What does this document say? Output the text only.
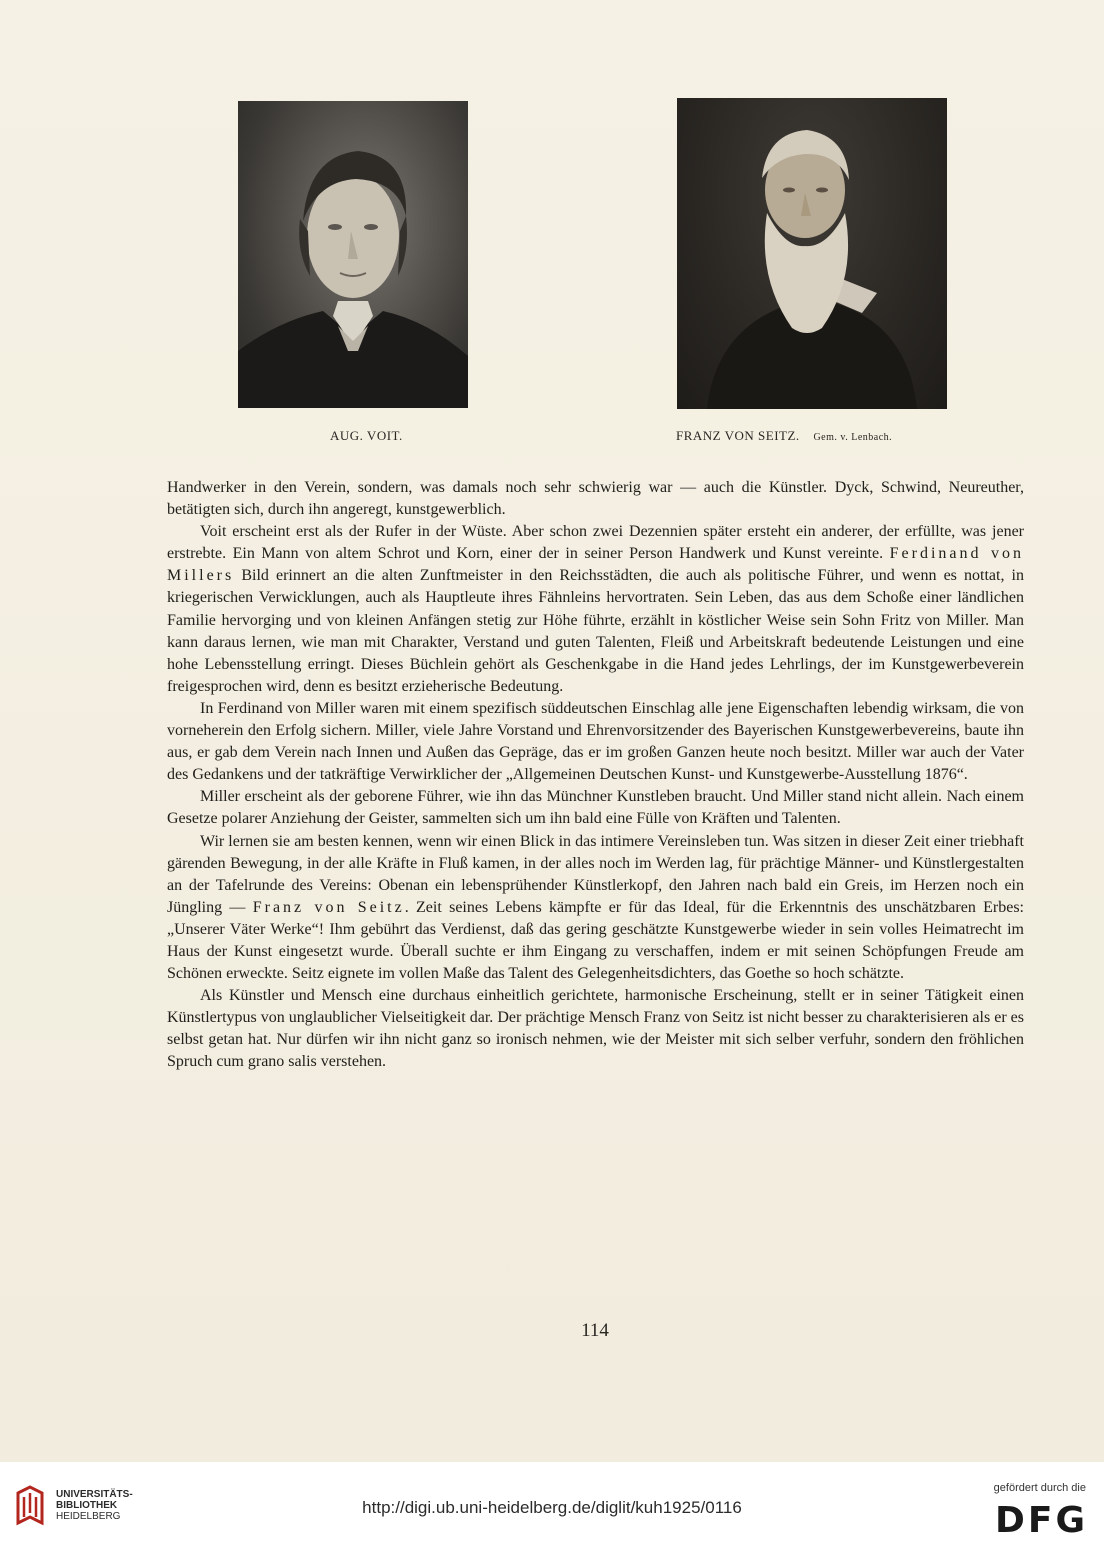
AUG. VOIT.	FRANZ VON SEITZ. Gem. v. Lenbach.

Handwerker in den Verein, sondern, was damals noch sehr schwierig war — auch die Künstler. Dyck, Schwind, Neureuther, betätigten sich, durch ihn angeregt, kunstgewerblich.

Voit erscheint erst als der Rufer in der Wüste. Aber schon zwei Dezennien später ersteht ein anderer, der erfüllte, was jener erstrebte. Ein Mann von altem Schrot und Korn, einer der in seiner Person Handwerk und Kunst vereinte. Ferdinand von Millers Bild erinnert an die alten Zunftmeister in den Reichsstädten, die auch als politische Führer, und wenn es nottat, in kriegerischen Verwicklungen, auch als Hauptleute ihres Fähnleins hervortraten. Sein Leben, das aus dem Schoße einer ländlichen Familie hervorging und von kleinen Anfängen stetig zur Höhe führte, erzählt in köstlicher Weise sein Sohn Fritz von Miller. Man kann daraus lernen, wie man mit Charakter, Verstand und guten Talenten, Fleiß und Arbeitskraft bedeutende Leistungen und eine hohe Lebensstellung erringt. Dieses Büchlein gehört als Geschenkgabe in die Hand jedes Lehrlings, der im Kunstgewerbeverein freigesprochen wird, denn es besitzt erzieherische Bedeutung.

In Ferdinand von Miller waren mit einem spezifisch süddeutschen Einschlag alle jene Eigenschaften lebendig wirksam, die von vorneherein den Erfolg sichern. Miller, viele Jahre Vorstand und Ehrenvorsitzender des Bayerischen Kunstgewerbevereins, baute ihn aus, er gab dem Verein nach Innen und Außen das Gepräge, das er im großen Ganzen heute noch besitzt. Miller war auch der Vater des Gedankens und der tatkräftige Verwirklicher der „Allgemeinen Deutschen Kunst- und Kunstgewerbe-Ausstellung 1876“.

Miller erscheint als der geborene Führer, wie ihn das Münchner Kunstleben braucht. Und Miller stand nicht allein. Nach einem Gesetze polarer Anziehung der Geister, sammelten sich um ihn bald eine Fülle von Kräften und Talenten.

Wir lernen sie am besten kennen, wenn wir einen Blick in das intimere Vereinsleben tun. Was sitzen in dieser Zeit einer triebhaft gärenden Bewegung, in der alle Kräfte in Fluß kamen, in der alles noch im Werden lag, für prächtige Männer- und Künstlergestalten an der Tafelrunde des Vereins: Obenan ein lebensprühender Künstlerkopf, den Jahren nach bald ein Greis, im Herzen noch ein Jüngling — Franz von Seitz. Zeit seines Lebens kämpfte er für das Ideal, für die Erkenntnis des unschätzbaren Erbes: „Unserer Väter Werke“! Ihm gebührt das Verdienst, daß das gering geschätzte Kunstgewerbe wieder in sein volles Heimatrecht im Haus der Kunst eingesetzt wurde. Überall suchte er ihm Eingang zu verschaffen, indem er mit seinen Schöpfungen Freude am Schönen erweckte. Seitz eignete im vollen Maße das Talent des Gelegenheitsdichters, das Goethe so hoch schätzte.

Als Künstler und Mensch eine durchaus einheitlich gerichtete, harmonische Erscheinung, stellt er in seiner Tätigkeit einen Künstlertypus von unglaublicher Vielseitigkeit dar. Der prächtige Mensch Franz von Seitz ist nicht besser zu charakterisieren als er es selbst getan hat. Nur dürfen wir ihn nicht ganz so ironisch nehmen, wie der Meister mit sich selber verfuhr, sondern den fröhlichen Spruch cum grano salis verstehen.

114
UNIVERSITÄTS-
BIBLIOTHEK
HEIDELBERG	http://digi.ub.uni-heidelberg.de/diglit/kuh1925/0116
gefördert durch die
DFG
